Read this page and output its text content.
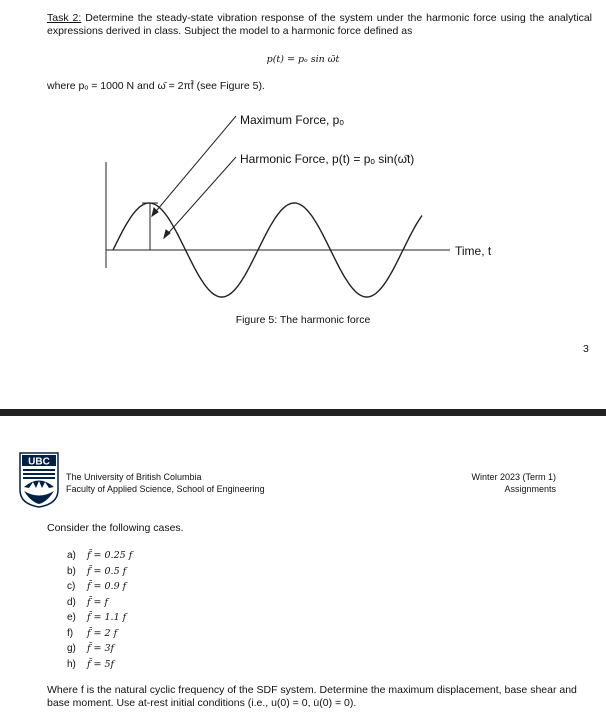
Task 2: Determine the steady-state vibration response of the system under the harmonic force using the analytical expressions derived in class. Subject the model to a harmonic force defined as
p(t) = pₒ sin ω̄t
where pₒ = 1000 N and ω̄ = 2πf̄ (see Figure 5).
Maximum Force, pₒ
Harmonic Force, p(t) = pₒ sin(ω̄t)
Time, t
Figure 5: The harmonic force
3
UBC
The University of British Columbia
Faculty of Applied Science, School of Engineering
Winter 2023 (Term 1)
Assignments
Consider the following cases.
a)	f̄ = 0.25 f
b)	f̄ = 0.5 f
c)	f̄ = 0.9 f
d)	f̄ = f
e)	f̄ = 1.1 f
f)	f̄ = 2 f
g)	f̄ = 3f
h)	f̄ = 5f
Where f is the natural cyclic frequency of the SDF system. Determine the maximum displacement, base shear and base moment. Use at-rest initial conditions (i.e., u(0) = 0, u̇(0) = 0).
